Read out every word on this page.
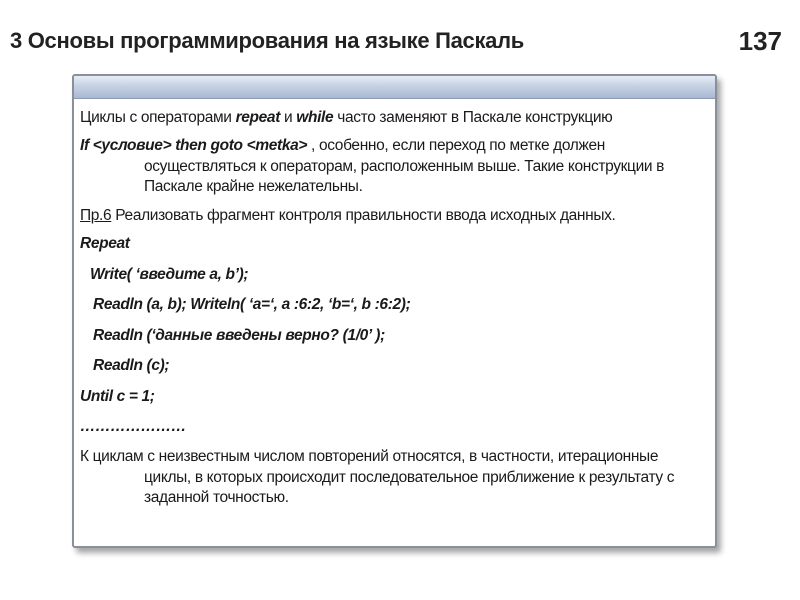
3 Основы программирования на языке Паскаль	137

Циклы с операторами repeat и while часто заменяют в Паскале конструкцию

If <условие> then goto <metka> , особенно, если переход по метке должен осуществляться к операторам, расположенным выше. Такие конструкции в Паскале крайне нежелательны.

Пр.6 Реализовать фрагмент контроля правильности ввода исходных данных.

Repeat
Write( ‘введите a, b’);
Readln (a, b); Writeln( ‘a=‘, a :6:2, ‘b=‘, b :6:2);
Readln (‘данные введены верно? (1/0’ );
Readln (c);
Until c = 1;
…………………

К циклам с неизвестным числом повторений относятся, в частности, итерационные циклы, в которых происходит последовательное приближение к результату с заданной точностью.
